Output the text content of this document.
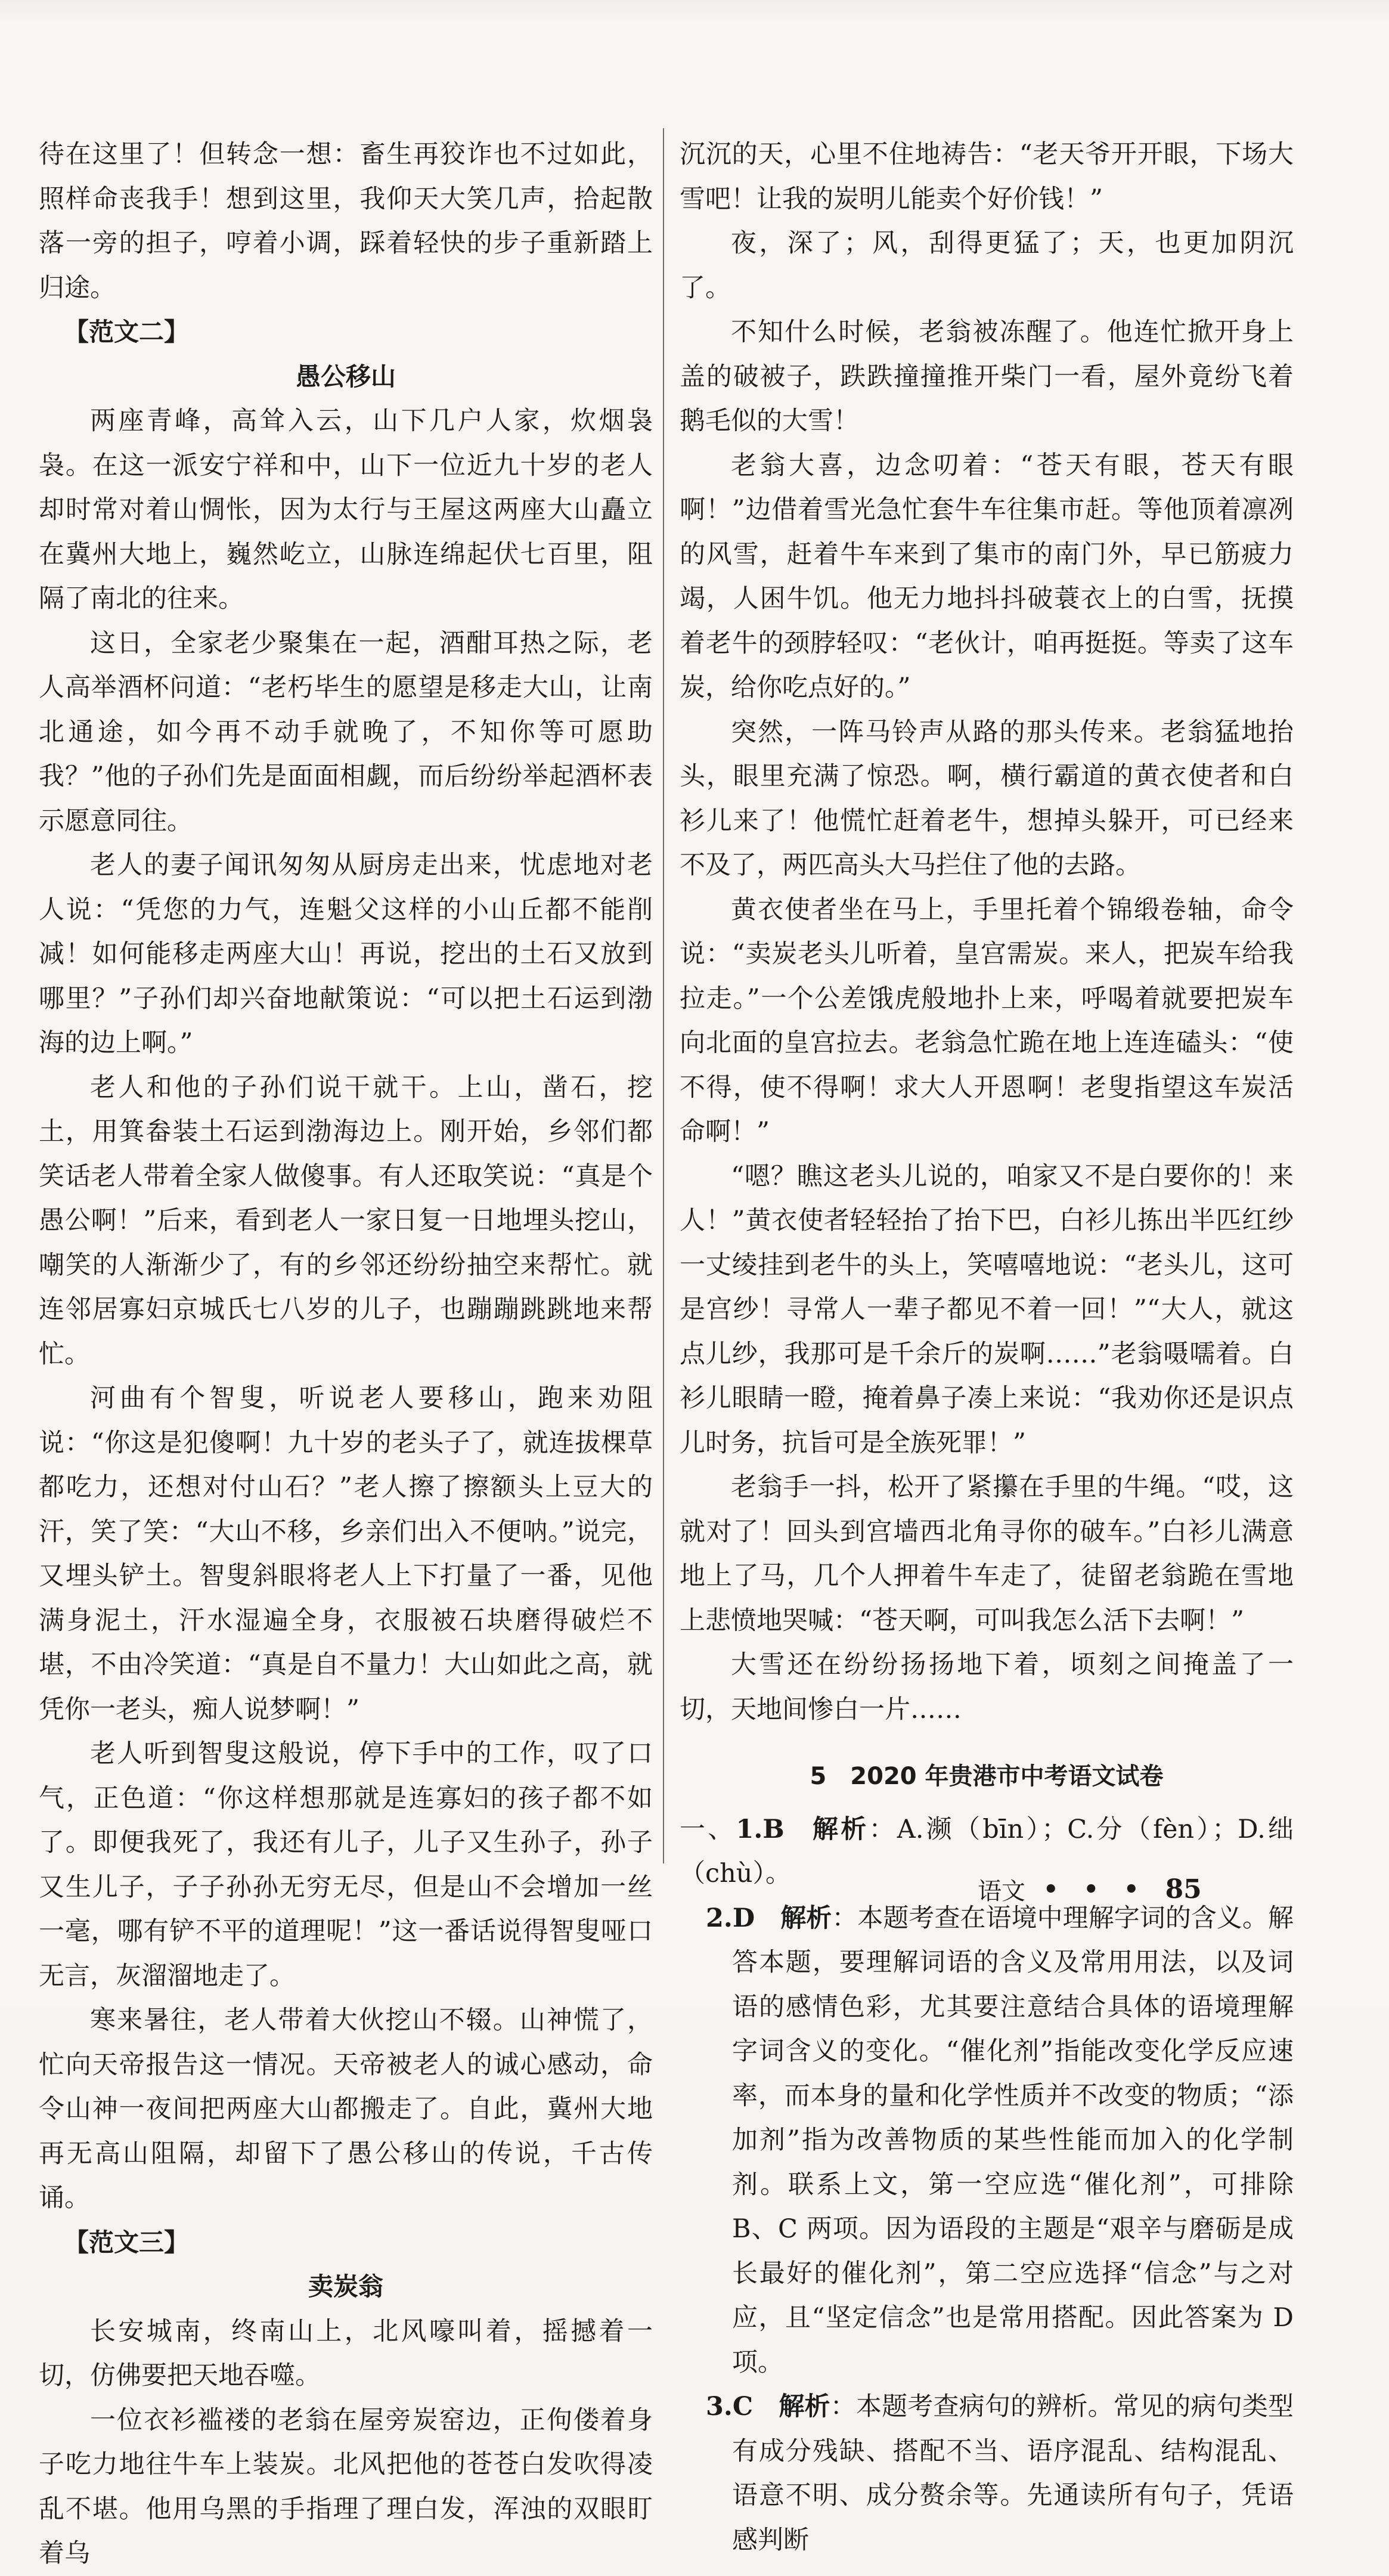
待在这里了！但转念一想：畜生再狡诈也不过如此，照样命丧我手！想到这里，我仰天大笑几声，拾起散落一旁的担子，哼着小调，踩着轻快的步子重新踏上归途。

【范文二】
愚公移山

两座青峰，高耸入云，山下几户人家，炊烟袅袅。在这一派安宁祥和中，山下一位近九十岁的老人却时常对着山惆怅，因为太行与王屋这两座大山矗立在冀州大地上，巍然屹立，山脉连绵起伏七百里，阻隔了南北的往来。

这日，全家老少聚集在一起，酒酣耳热之际，老人高举酒杯问道：“老朽毕生的愿望是移走大山，让南北通途，如今再不动手就晚了，不知你等可愿助我？”他的子孙们先是面面相觑，而后纷纷举起酒杯表示愿意同往。

老人的妻子闻讯匆匆从厨房走出来，忧虑地对老人说：“凭您的力气，连魁父这样的小山丘都不能削减！如何能移走两座大山！再说，挖出的土石又放到哪里？”子孙们却兴奋地献策说：“可以把土石运到渤海的边上啊。”

老人和他的子孙们说干就干。上山，凿石，挖土，用箕畚装土石运到渤海边上。刚开始，乡邻们都笑话老人带着全家人做傻事。有人还取笑说：“真是个愚公啊！”后来，看到老人一家日复一日地埋头挖山，嘲笑的人渐渐少了，有的乡邻还纷纷抽空来帮忙。就连邻居寡妇京城氏七八岁的儿子，也蹦蹦跳跳地来帮忙。

河曲有个智叟，听说老人要移山，跑来劝阻说：“你这是犯傻啊！九十岁的老头子了，就连拔棵草都吃力，还想对付山石？”老人擦了擦额头上豆大的汗，笑了笑：“大山不移，乡亲们出入不便呐。”说完，又埋头铲土。智叟斜眼将老人上下打量了一番，见他满身泥土，汗水湿遍全身，衣服被石块磨得破烂不堪，不由冷笑道：“真是自不量力！大山如此之高，就凭你一老头，痴人说梦啊！”

老人听到智叟这般说，停下手中的工作，叹了口气，正色道：“你这样想那就是连寡妇的孩子都不如了。即便我死了，我还有儿子，儿子又生孙子，孙子又生儿子，子子孙孙无穷无尽，但是山不会增加一丝一毫，哪有铲不平的道理呢！”这一番话说得智叟哑口无言，灰溜溜地走了。

寒来暑往，老人带着大伙挖山不辍。山神慌了，忙向天帝报告这一情况。天帝被老人的诚心感动，命令山神一夜间把两座大山都搬走了。自此，冀州大地再无高山阻隔，却留下了愚公移山的传说，千古传诵。

【范文三】
卖炭翁

长安城南，终南山上，北风嚎叫着，摇撼着一切，仿佛要把天地吞噬。

一位衣衫褴褛的老翁在屋旁炭窑边，正佝偻着身子吃力地往牛车上装炭。北风把他的苍苍白发吹得凌乱不堪。他用乌黑的手指理了理白发，浑浊的双眼盯着乌

沉沉的天，心里不住地祷告：“老天爷开开眼，下场大雪吧！让我的炭明儿能卖个好价钱！”

夜，深了；风，刮得更猛了；天，也更加阴沉了。

不知什么时候，老翁被冻醒了。他连忙掀开身上盖的破被子，跌跌撞撞推开柴门一看，屋外竟纷飞着鹅毛似的大雪！

老翁大喜，边念叨着：“苍天有眼，苍天有眼啊！”边借着雪光急忙套牛车往集市赶。等他顶着凛冽的风雪，赶着牛车来到了集市的南门外，早已筋疲力竭，人困牛饥。他无力地抖抖破蓑衣上的白雪，抚摸着老牛的颈脖轻叹：“老伙计，咱再挺挺。等卖了这车炭，给你吃点好的。”

突然，一阵马铃声从路的那头传来。老翁猛地抬头，眼里充满了惊恐。啊，横行霸道的黄衣使者和白衫儿来了！他慌忙赶着老牛，想掉头躲开，可已经来不及了，两匹高头大马拦住了他的去路。

黄衣使者坐在马上，手里托着个锦缎卷轴，命令说：“卖炭老头儿听着，皇宫需炭。来人，把炭车给我拉走。”一个公差饿虎般地扑上来，呼喝着就要把炭车向北面的皇宫拉去。老翁急忙跪在地上连连磕头：“使不得，使不得啊！求大人开恩啊！老叟指望这车炭活命啊！”

“嗯？瞧这老头儿说的，咱家又不是白要你的！来人！”黄衣使者轻轻抬了抬下巴，白衫儿拣出半匹红纱一丈绫挂到老牛的头上，笑嘻嘻地说：“老头儿，这可是宫纱！寻常人一辈子都见不着一回！”“大人，就这点儿纱，我那可是千余斤的炭啊……”老翁嗫嚅着。白衫儿眼睛一瞪，掩着鼻子凑上来说：“我劝你还是识点儿时务，抗旨可是全族死罪！”

老翁手一抖，松开了紧攥在手里的牛绳。“哎，这就对了！回头到宫墙西北角寻你的破车。”白衫儿满意地上了马，几个人押着牛车走了，徒留老翁跪在雪地上悲愤地哭喊：“苍天啊，可叫我怎么活下去啊！”

大雪还在纷纷扬扬地下着，顷刻之间掩盖了一切，天地间惨白一片……

5　2020 年贵港市中考语文试卷
一、1.B  解析：A.濒（bīn）；C.分（fèn）；D.绌（chù）。
2.D  解析：本题考查在语境中理解字词的含义。解答本题，要理解词语的含义及常用用法，以及词语的感情色彩，尤其要注意结合具体的语境理解字词含义的变化。“催化剂”指能改变化学反应速率，而本身的量和化学性质并不改变的物质；“添加剂”指为改善物质的某些性能而加入的化学制剂。联系上文，第一空应选“催化剂”，可排除 B、C 两项。因为语段的主题是“艰辛与磨砺是成长最好的催化剂”，第二空应选择“信念”与之对应，且“坚定信念”也是常用搭配。因此答案为 D 项。
3.C  解析：本题考查病句的辨析。常见的病句类型有成分残缺、搭配不当、语序混乱、结构混乱、语意不明、成分赘余等。先通读所有句子，凭语感判断
语文 • • • 85
